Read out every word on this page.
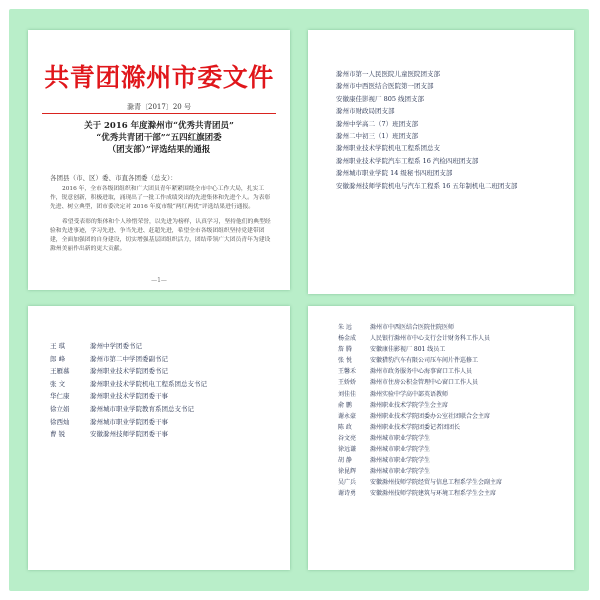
共青团滁州市委文件
滁青〔2017〕20 号
关于 2016 年度滁州市“优秀共青团员”
“优秀共青团干部”“五四红旗团委
（团支部）”评选结果的通报
各团县（市、区）委、市直各团委（总支）：

2016 年，全市各级团组织和广大团员青年紧紧围绕全市中心工作大局，扎实工作，锐意创新，积极进取，涌现出了一批工作成绩突出的先进集体和先进个人。为表彰先进、树立典型，团市委决定对 2016 年度市级“两红两优”评选结果进行通报。

希望受表彰的集体和个人珍惜荣誉，以先进为榜样，认真学习，坚持他们的典型经验和先进事迹，学习先进、争当先进、赶超先进，希望全市各级团组织坚持党建带团建，全面加强团的自身建设，切实增强基层团组织活力，团结带领广大团员青年为建设滁州美丽作出新的更大贡献。

—1—
滁州市第一人民医院儿童医院团支部
滁州市中西医结合医院第一团支部
安徽康佳影视厂 805 线团支部
滁州市财政局团支部
滁州中学高二（7）班团支部
滁州二中初三（1）班团支部
滁州职业技术学院机电工程系团总支
滁州职业技术学院汽车工程系 16 汽检四班团支部
滁州城市职业学院 14 级秘书四班团支部
安徽滁州技师学院机电与汽车工程系 16 五年制机电二班团支部
王 琪	滁州中学团委书记
郎 峰	滁州市第二中学团委副书记
王雁慕	滁州职业技术学院团委书记
张 文	滁州职业技术学院机电工程系团总支书记
华仁康	滁州职业技术学院团委干事
徐立娟	滁州城市职业学院教育系团总支书记
徐西灿	滁州城市职业学院团委干事
曹 锐	安徽滁州技师学院团委干事
朱 远	滁州市中西医结合医院住院医师
杨金成 人民银行滁州市中心支行会计财务科工作人员
詹 腾	安徽康佳影视厂 801 线员工
张 悦	安徽猎豹汽车有限公司压车间片件巡修工
王馨禾 滁州市政务服务中心海事窗口工作人员
王娇娇 滁州市住房公积金管理中心窗口工作人员
刘佳佳 滁州实验中学高中部英语教师
俞 鹏	滁州职业技术学院学生会主席
谢永豪 滁州职业技术学院团委办公室社团联合会主席
陈 政	滁州职业技术学院团委记者团团长
谷文亮 滁州城市职业学院学生
徐远谦 滁州城市职业学院学生
胡 静	滁州城市职业学院学生
徐昆辉 滁州城市职业学院学生
吴广兵 安徽滁州技师学院经贸与信息工程系学生会副主席
谢诗勇 安徽滁州技师学院建筑与环境工程系学生会主席
